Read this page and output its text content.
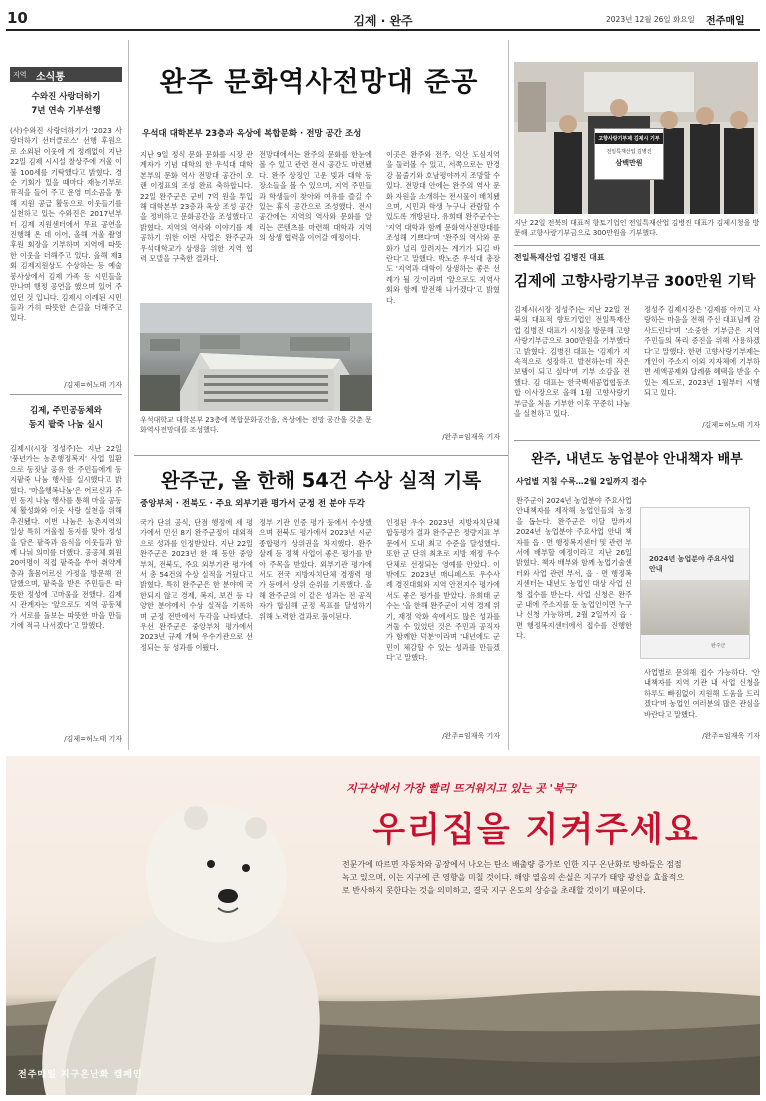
10	김제 · 완주	2023년 12월 26일 화요일 전주매일
지역 소식통
수와진 사랑더하기
7년 연속 기부선행

(사)수와진 사랑더하기가 '2023 사랑더하기 선터클로스' 선행 후원으로 소외된 이웃에 게 정례없이 지난 22일 김제 시시설 찰상주에 겨울 이불 100세를 기탁했다고 밝혔다. 경순 기회가 있을 때마다 재능기부로 뮤직을 들어 주고 운영 미소곰을 통해 지원 공급 활동으로 이웃들기를 실천하고 있는 수와진은 2017년부터 김제 지원센터에서 무료 공연을 진행해 온 데 이어, 올해 겨울 촬영 후원 회장을 기부하며 지역에 따뜻한 이웃을 더해주고 있다. 올해 제3회 김제지원상도 수상하는 등 예술 봉사상에서 김제 가족 등 시민들을 만나며 행정 공연을 했으며 있어 주었던 것 입니다. 김제시 이례된 시민들과 가히 따뜻한 손길을 더해주고 있다.

/김제=허노태 기자
김제, 주민공동체와
동지 팥죽 나눔 실시

김제시(시장 정성주)는 지난 22일 '풍년가는 농촌행정복지' 사업 일환으로 동짓날 공유 한 주민들에게 동지팥죽 나눔 행사를 실시했다고 밝혔다. '마을행복나눔'은 어르신과 주민 동지 나눔 행사를 통해 마을 공동체 활성화와 이웃 사랑 실천을 위해 추진됐다. 이번 나눔은 농촌지역의 일상 특히 겨울철 동지를 맞아 정성을 담은 팥죽과 음식을 이웃들과 함께 나눠 의미를 더했다. 공공체 회원 20여명이 직접 팥죽을 쑤어 취약계층과 홀몸어르신 가정을 방문해 전달했으며, 팥죽을 받은 주민들은 따뜻한 정성에 고마움을 전했다. 김제시 관계자는 '앞으로도 지역 공동체가 서로를 돌보는 따뜻한 마을 만들기에 적극 나서겠다'고 말했다.

/김제=허노태 기자
완주 문화역사전망대 준공
우석대 대학본부 23층과 옥상에 복합문화 · 전망 공간 조성

지난 9일 정식 문화 문화를 시장 관계자가 기념 대학의 한 우석대 대학본부의 문화 역사 전망대 공간이 오랜 이정표의 조성 완료 축하합니다. 22일 완주군은 군비 7억 원을 투입해 대학본부 23층과 옥상 조성 공간을 정비하고 문화공간을 조성했다고 밝혔다. 지역의 역사와 이야기를 제공하기 위한 이번 사업은 완주군과 우석대학교가 상생을 위한 지역 협력 모델을 구축한 결과다.

전망대에서는 완주의 문화를 한눈에 볼 수 있고 관련 전시 공간도 마련됐다. 완주 상징인 고운 빛과 대학 등 장소들을 볼 수 있으며, 지역 주민들과 학생들이 찾아와 여유를 즐길 수 있는 휴식 공간으로 조성했다. 전시 공간에는 지역의 역사와 문화를 알리는 콘텐츠를 마련해 대학과 지역의 상생 협력을 이어갈 예정이다.

이곳은 완주와 전주, 익산 도심지역을 둘러볼 수 있고, 서쪽으로는 만경강 물줄기와 호남평야까지 조망할 수 있다. 전망대 안에는 완주의 역사 문화 자원을 소개하는 전시물이 배치됐으며, 시민과 학생 누구나 관람할 수 있도록 개방된다. 유희태 완주군수는 '지역 대학과 함께 문화역사전망대를 조성해 기쁘다'며 '완주의 역사와 문화가 널리 알려지는 계기가 되길 바란다'고 말했다. 박노준 우석대 총장도 '지역과 대학이 상생하는 좋은 선례가 될 것'이라며 '앞으로도 지역사회와 함께 발전해 나가겠다'고 밝혔다.

/완주=임재욱 기자
우석대학교 대학본부 23층에 복합문화공간을, 옥상에는 전망 공간을 갖춘 문화역사전망대를 조성했다.
고향사랑기부제 김제시 기부
전일특재산업 김병진
삼백만원
지난 22일 전북의 대표적 향토기업인 전일특재산업 김병진 대표가 김제시청을 방문해 고향사랑기부금으로 300만원을 기부했다.
전일특재산업 김병진 대표
김제에 고향사랑기부금 300만원 기탁

김제시(시장 정성주)는 지난 22일 전북의 대표적 향토기업인 전일특재산업 김병진 대표가 시청을 방문해 고향사랑기부금으로 300만원을 기부했다고 밝혔다. 김병진 대표는 '김제가 지속적으로 성장하고 발전하는데 작은 보탬이 되고 싶다'며 기부 소감을 전했다. 김 대표는 한국백새공업협동조합 이사장으로 올해 1월 고향사랑기부금을 처음 기부한 이후 꾸준히 나눔을 실천하고 있다.

정성주 김제시장은 '김제를 아끼고 사랑하는 마음을 전해 주신 대표님께 감사드린다'며 '소중한 기부금은 지역 주민들의 복리 증진을 위해 사용하겠다'고 말했다. 한편 고향사랑기부제는 개인이 주소지 이외 지자체에 기부하면 세액공제와 답례품 혜택을 받을 수 있는 제도로, 2023년 1월부터 시행되고 있다.

/김제=허노태 기자
완주군, 올 한해 54건 수상 실적 기록
중앙부처 · 전북도 · 주요 외부기관 평가서 군정 전 분야 두각

국가 단위 공식, 단점 행정에 세 평가에서 민선 8기 완주군정이 대외적으로 성과를 인정받았다. 지난 22일 완주군은 2023년 한 해 동안 중앙부처, 전북도, 주요 외부기관 평가에서 총 54건의 수상 실적을 거뒀다고 밝혔다. 특히 완주군은 한 분야에 국한되지 않고 경제, 복지, 보건 등 다양한 분야에서 수상 실적을 기록하며 군정 전반에서 두각을 나타냈다. 우선 완주군은 중앙부처 평가에서 2023년 규제 개혁 우수기관으로 선정되는 등 성과를 이뤘다.

정부 기관 인증 평가 등에서 수상했으며 전북도 평가에서 2023년 시군 종합평가 상위권을 차지했다. 완주 삼례 등 정책 사업이 좋은 평가를 받아 주목을 받았다. 외부기관 평가에서도 전국 지방자치단체 경쟁력 평가 등에서 상위 순위를 기록했다. 올해 완주군의 이 같은 성과는 전 공직자가 합심해 군정 목표를 달성하기 위해 노력한 결과로 풀이된다.

인정된 우수 2023년 지방자치단체 합동평가 결과 완주군은 정량지표 부문에서 도내 최고 수준을 달성했다. 또한 군 단위 최초로 지방 재정 우수 단체로 선정되는 영예를 안았다. 이 밖에도 2023년 매니페스토 우수사례 경진대회와 지역 안전지수 평가에서도 좋은 평가를 받았다. 유희태 군수는 '올 한해 완주군이 지역 경제 위기, 재정 악화 속에서도 많은 성과를 거둘 수 있었던 것은 주민과 공직자가 함께한 덕분'이라며 '내년에도 군민이 체감할 수 있는 성과를 만들겠다'고 말했다.

/완주=임재욱 기자
완주, 내년도 농업분야 안내책자 배부
사업별 지침 수록…2월 2일까지 접수

완주군이 2024년 농업분야 주요사업 안내책자를 제작해 농업인들의 농정을 돕는다. 완주군은 이달 말까지 2024년 농업분야 주요사업 안내 책자를 읍 · 면 행정복지센터 및 관련 부서에 배부할 예정이라고 지난 26일 밝혔다. 책자 배부와 함께 농업기술센터와 사업 관련 부서, 읍 · 면 행정복지센터는 내년도 농업인 대상 사업 신청 접수를 받는다. 사업 신청은 완주군 내에 주소지를 둔 농업인이면 누구나 신청 가능하며, 2월 2일까지 읍 · 면 행정복지센터에서 접수를 진행한다.

2024년 농업분야 주요사업 안내
완주군

사업별로 문의해 접수 가능하다. '안내책자를 지역 기관 내 사업 신청을 하루도 빠짐없이 지원해 도움을 드리겠다'며 농업인 여러분의 많은 관심을 바란다고 말했다.

/완주=임재욱 기자
지구상에서 가장 빨리 뜨거워지고 있는 곳 '북극'
우리집을 지켜주세요
전문가에 따르면 자동차와 공장에서 나오는 탄소 배출량 증가로 인한 지구 온난화로 방하들은 점점
녹고 있으며, 이는 지구에 큰 영향을 미칠 것이다. 해양 열음의 손실은 지구가 태양 광선을 효율적으
로 반사하지 못한다는 것을 의미하고, 결국 지구 온도의 상승을 초래할 것이기 때문이다.
전주매일 지구온난화 캠페인
